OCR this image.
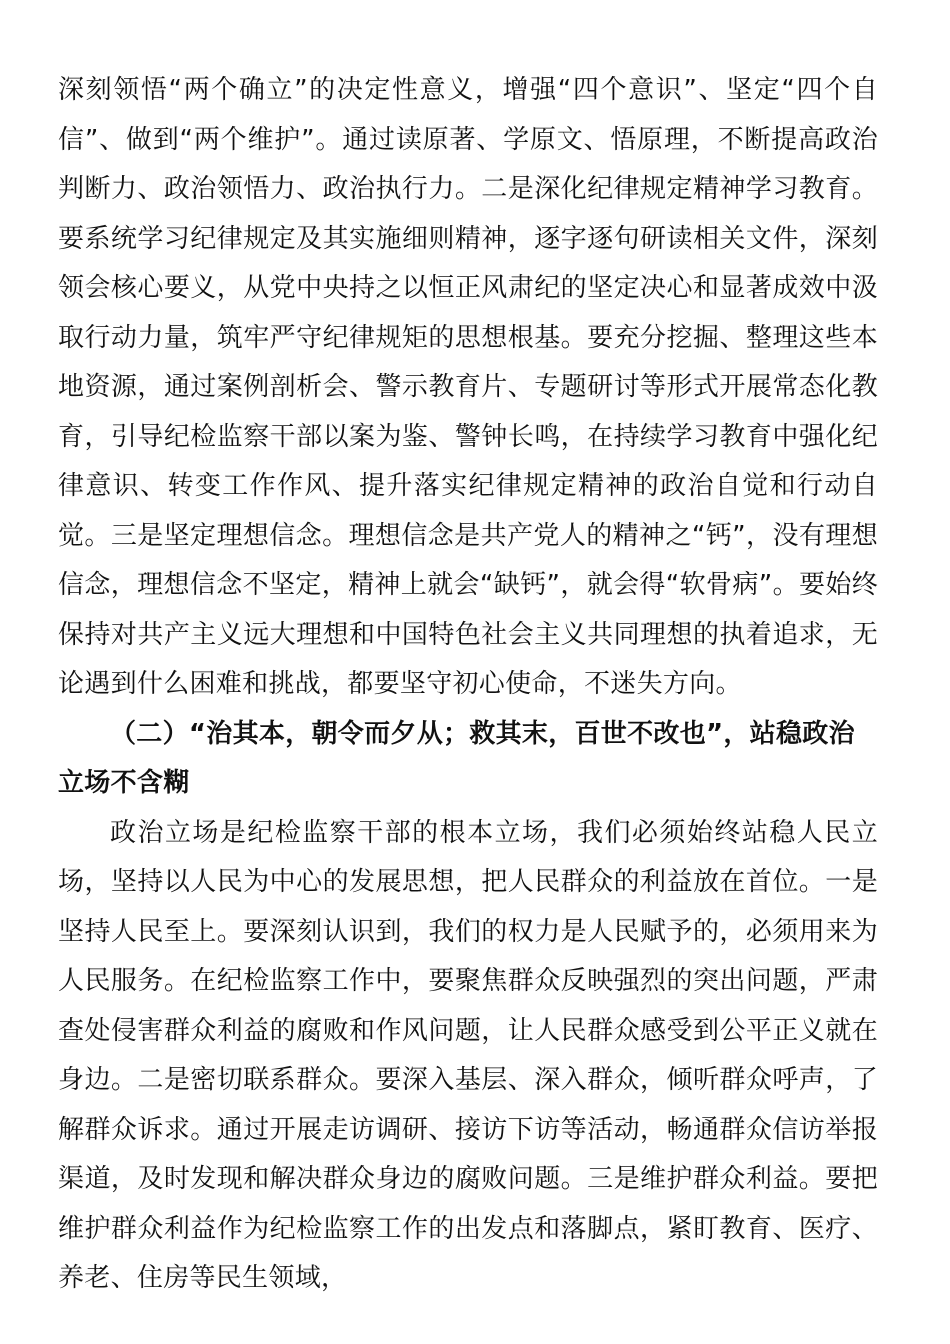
深刻领悟“两个确立”的决定性意义，增强“四个意识”、坚定“四个自信”、做到“两个维护”。通过读原著、学原文、悟原理，不断提高政治判断力、政治领悟力、政治执行力。二是深化纪律规定精神学习教育。要系统学习纪律规定及其实施细则精神，逐字逐句研读相关文件，深刻领会核心要义，从党中央持之以恒正风肃纪的坚定决心和显著成效中汲取行动力量，筑牢严守纪律规矩的思想根基。要充分挖掘、整理这些本地资源，通过案例剖析会、警示教育片、专题研讨等形式开展常态化教育，引导纪检监察干部以案为鉴、警钟长鸣，在持续学习教育中强化纪律意识、转变工作作风、提升落实纪律规定精神的政治自觉和行动自觉。三是坚定理想信念。理想信念是共产党人的精神之“钙”，没有理想信念，理想信念不坚定，精神上就会“缺钙”，就会得“软骨病”。要始终保持对共产主义远大理想和中国特色社会主义共同理想的执着追求，无论遇到什么困难和挑战，都要坚守初心使命，不迷失方向。

（二）“治其本，朝令而夕从；救其末，百世不改也”，站稳政治立场不含糊

政治立场是纪检监察干部的根本立场，我们必须始终站稳人民立场，坚持以人民为中心的发展思想，把人民群众的利益放在首位。一是坚持人民至上。要深刻认识到，我们的权力是人民赋予的，必须用来为人民服务。在纪检监察工作中，要聚焦群众反映强烈的突出问题，严肃查处侵害群众利益的腐败和作风问题，让人民群众感受到公平正义就在身边。二是密切联系群众。要深入基层、深入群众，倾听群众呼声，了解群众诉求。通过开展走访调研、接访下访等活动，畅通群众信访举报渠道，及时发现和解决群众身边的腐败问题。三是维护群众利益。要把维护群众利益作为纪检监察工作的出发点和落脚点，紧盯教育、医疗、养老、住房等民生领域，
